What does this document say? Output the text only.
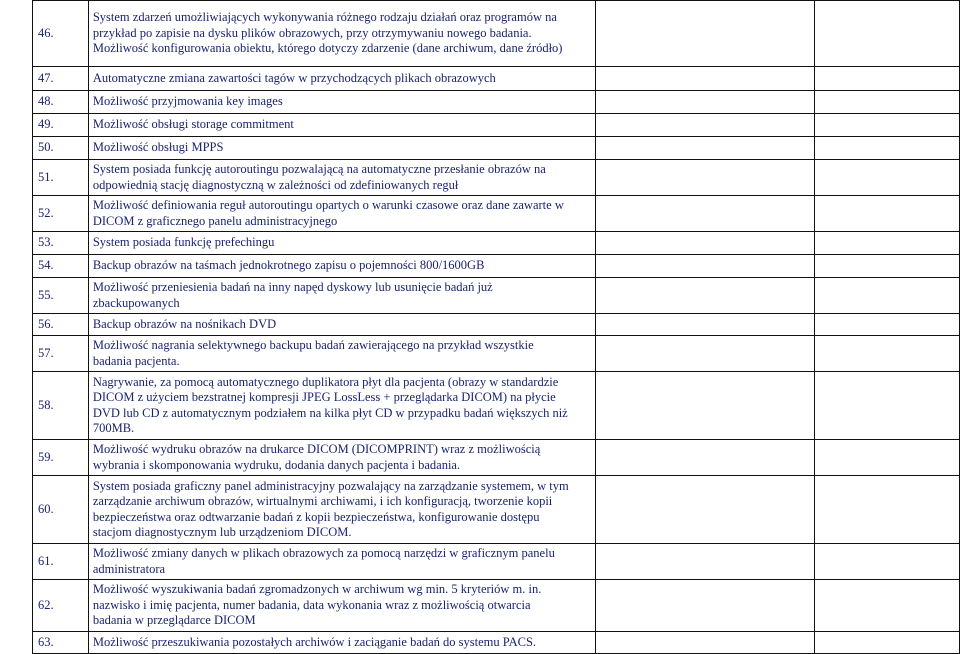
46.	System zdarzeń umożliwiających wykonywania różnego rodzaju działań oraz programów na
przykład po zapisie na dysku plików obrazowych, przy otrzymywaniu nowego badania.
Możliwość konfigurowania obiektu, którego dotyczy zdarzenie (dane archiwum, dane źródło)		
47.	Automatyczne zmiana zawartości tagów w przychodzących plikach obrazowych		
48.	Możliwość przyjmowania key images		
49.	Możliwość obsługi storage commitment		
50.	Możliwość obsługi MPPS		
51.	System posiada funkcję autoroutingu pozwalającą na automatyczne przesłanie obrazów na
odpowiednią stację diagnostyczną w zależności od zdefiniowanych reguł		
52.	Możliwość definiowania reguł autoroutingu opartych o warunki czasowe oraz dane zawarte w
DICOM z graficznego panelu administracyjnego		
53.	System posiada funkcję prefechingu		
54.	Backup obrazów na taśmach jednokrotnego zapisu o pojemności 800/1600GB		
55.	Możliwość przeniesienia badań na inny napęd dyskowy lub usunięcie badań już
zbackupowanych		
56.	Backup obrazów na nośnikach DVD		
57.	Możliwość nagrania selektywnego backupu badań zawierającego na przykład wszystkie
badania pacjenta.		
58.	Nagrywanie, za pomocą automatycznego duplikatora płyt dla pacjenta (obrazy w standardzie
DICOM z użyciem bezstratnej kompresji JPEG LossLess + przeglądarka DICOM) na płycie
DVD lub CD z automatycznym podziałem na kilka płyt CD w przypadku badań większych niż
700MB.		
59.	Możliwość wydruku obrazów na drukarce DICOM (DICOMPRINT) wraz z możliwością
wybrania i skomponowania wydruku, dodania danych pacjenta i badania.		
60.	System posiada graficzny panel administracyjny pozwalający na zarządzanie systemem, w tym
zarządzanie archiwum obrazów, wirtualnymi archiwami, i ich konfiguracją, tworzenie kopii
bezpieczeństwa oraz odtwarzanie badań z kopii bezpieczeństwa, konfigurowanie dostępu
stacjom diagnostycznym lub urządzeniom DICOM.		
61.	Możliwość zmiany danych w plikach obrazowych za pomocą narzędzi w graficznym panelu
administratora		
62.	Możliwość wyszukiwania badań zgromadzonych w archiwum wg min. 5 kryteriów m. in.
nazwisko i imię pacjenta, numer badania, data wykonania wraz z możliwością otwarcia
badania w przeglądarce DICOM		
63.	Możliwość przeszukiwania pozostałych archiwów i zaciąganie badań do systemu PACS.		
